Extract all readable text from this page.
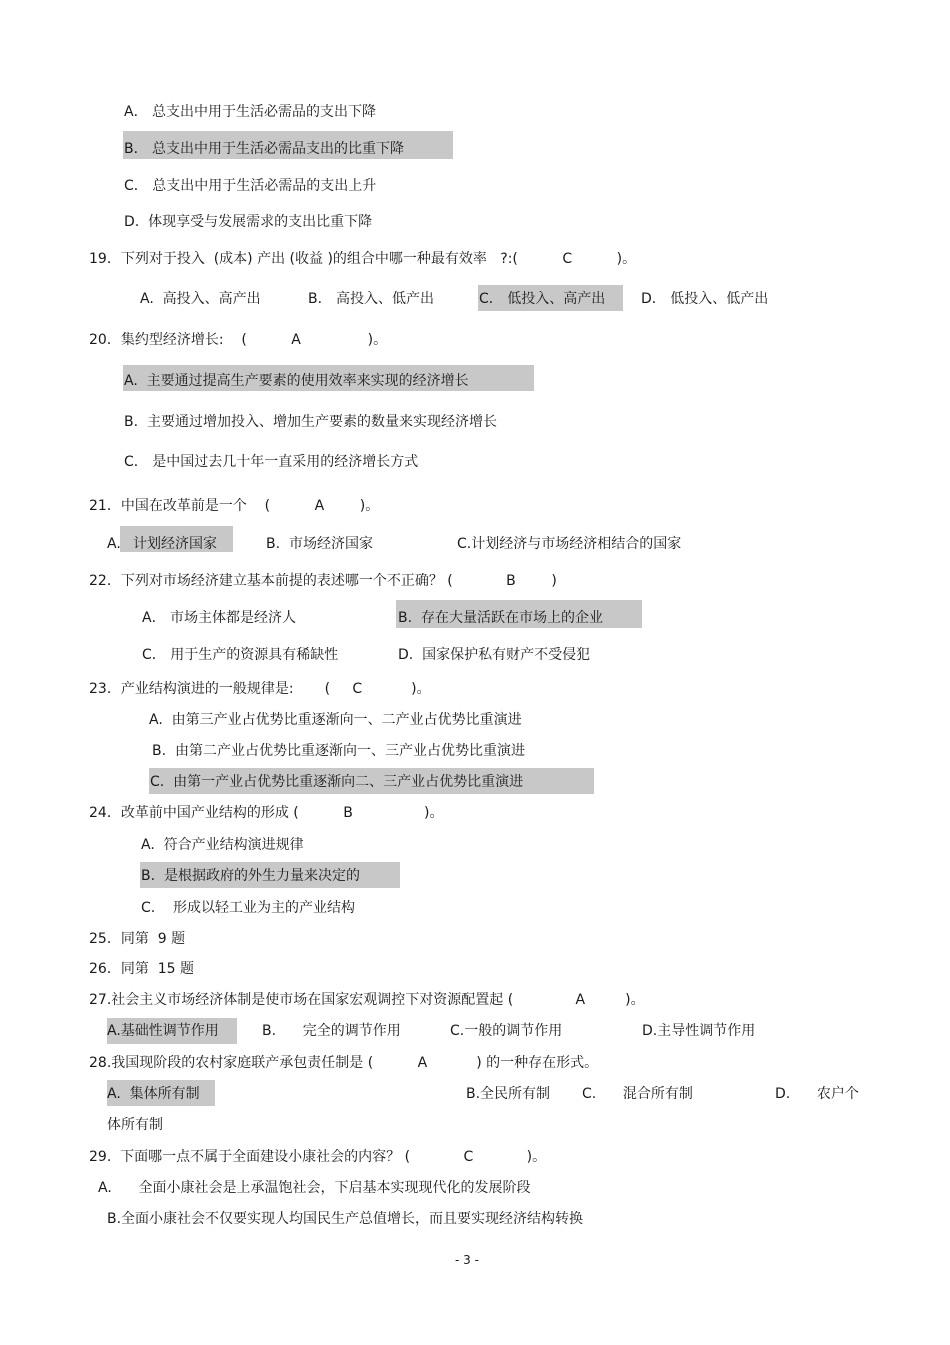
A． 总支出中用于生活必需品的支出下降
B． 总支出中用于生活必需品支出的比重下降
C． 总支出中用于生活必需品的支出上升
D.  体现享受与发展需求的支出比重下降
19．下列对于投入  (成本) 产出 (收益 )的组合中哪一种最有效率   ?:(          C          )。
A.  高投入、高产出	B． 高投入、低产出	C． 低投入、高产出	D． 低投入、低产出
20．集约型经济增长:    (          A               )。
A.  主要通过提高生产要素的使用效率来实现的经济增长
B.  主要通过增加投入、增加生产要素的数量来实现经济增长
C． 是中国过去几十年一直采用的经济增长方式
21．中国在改革前是一个    (          A        )。
A. 计划经济国家	B.  市场经济国家	C.计划经济与市场经济相结合的国家
22．下列对市场经济建立基本前提的表述哪一个不正确？ (            B        )
A． 市场主体都是经济人	B.  存在大量活跃在市场上的企业
C． 用于生产的资源具有稀缺性	D.  国家保护私有财产不受侵犯
23．产业结构演进的一般规律是:       (     C           )。
A.  由第三产业占优势比重逐渐向一、二产业占优势比重演进
B.  由第二产业占优势比重逐渐向一、三产业占优势比重演进
C.  由第一产业占优势比重逐渐向二、三产业占优势比重演进
24．改革前中国产业结构的形成 (          B                )。
A.  符合产业结构演进规律
B.  是根据政府的外生力量来决定的
C.    形成以轻工业为主的产业结构
25．同第  9 题
26．同第  15 题
27.社会主义市场经济体制是使市场在国家宏观调控下对资源配置起 (              A         )。
A.基础性调节作用	B.      完全的调节作用	C.一般的调节作用	D.主导性调节作用
28.我国现阶段的农村家庭联产承包责任制是 (          A           ) 的一种存在形式。
A.  集体所有制	B.全民所有制 C.      混合所有制	D.      农户个
体所有制
29.  下面哪一点不属于全面建设小康社会的内容？ (            C            )。
A.      全面小康社会是上承温饱社会，下启基本实现现代化的发展阶段
B.全面小康社会不仅要实现人均国民生产总值增长，而且要实现经济结构转换
- 3 -
